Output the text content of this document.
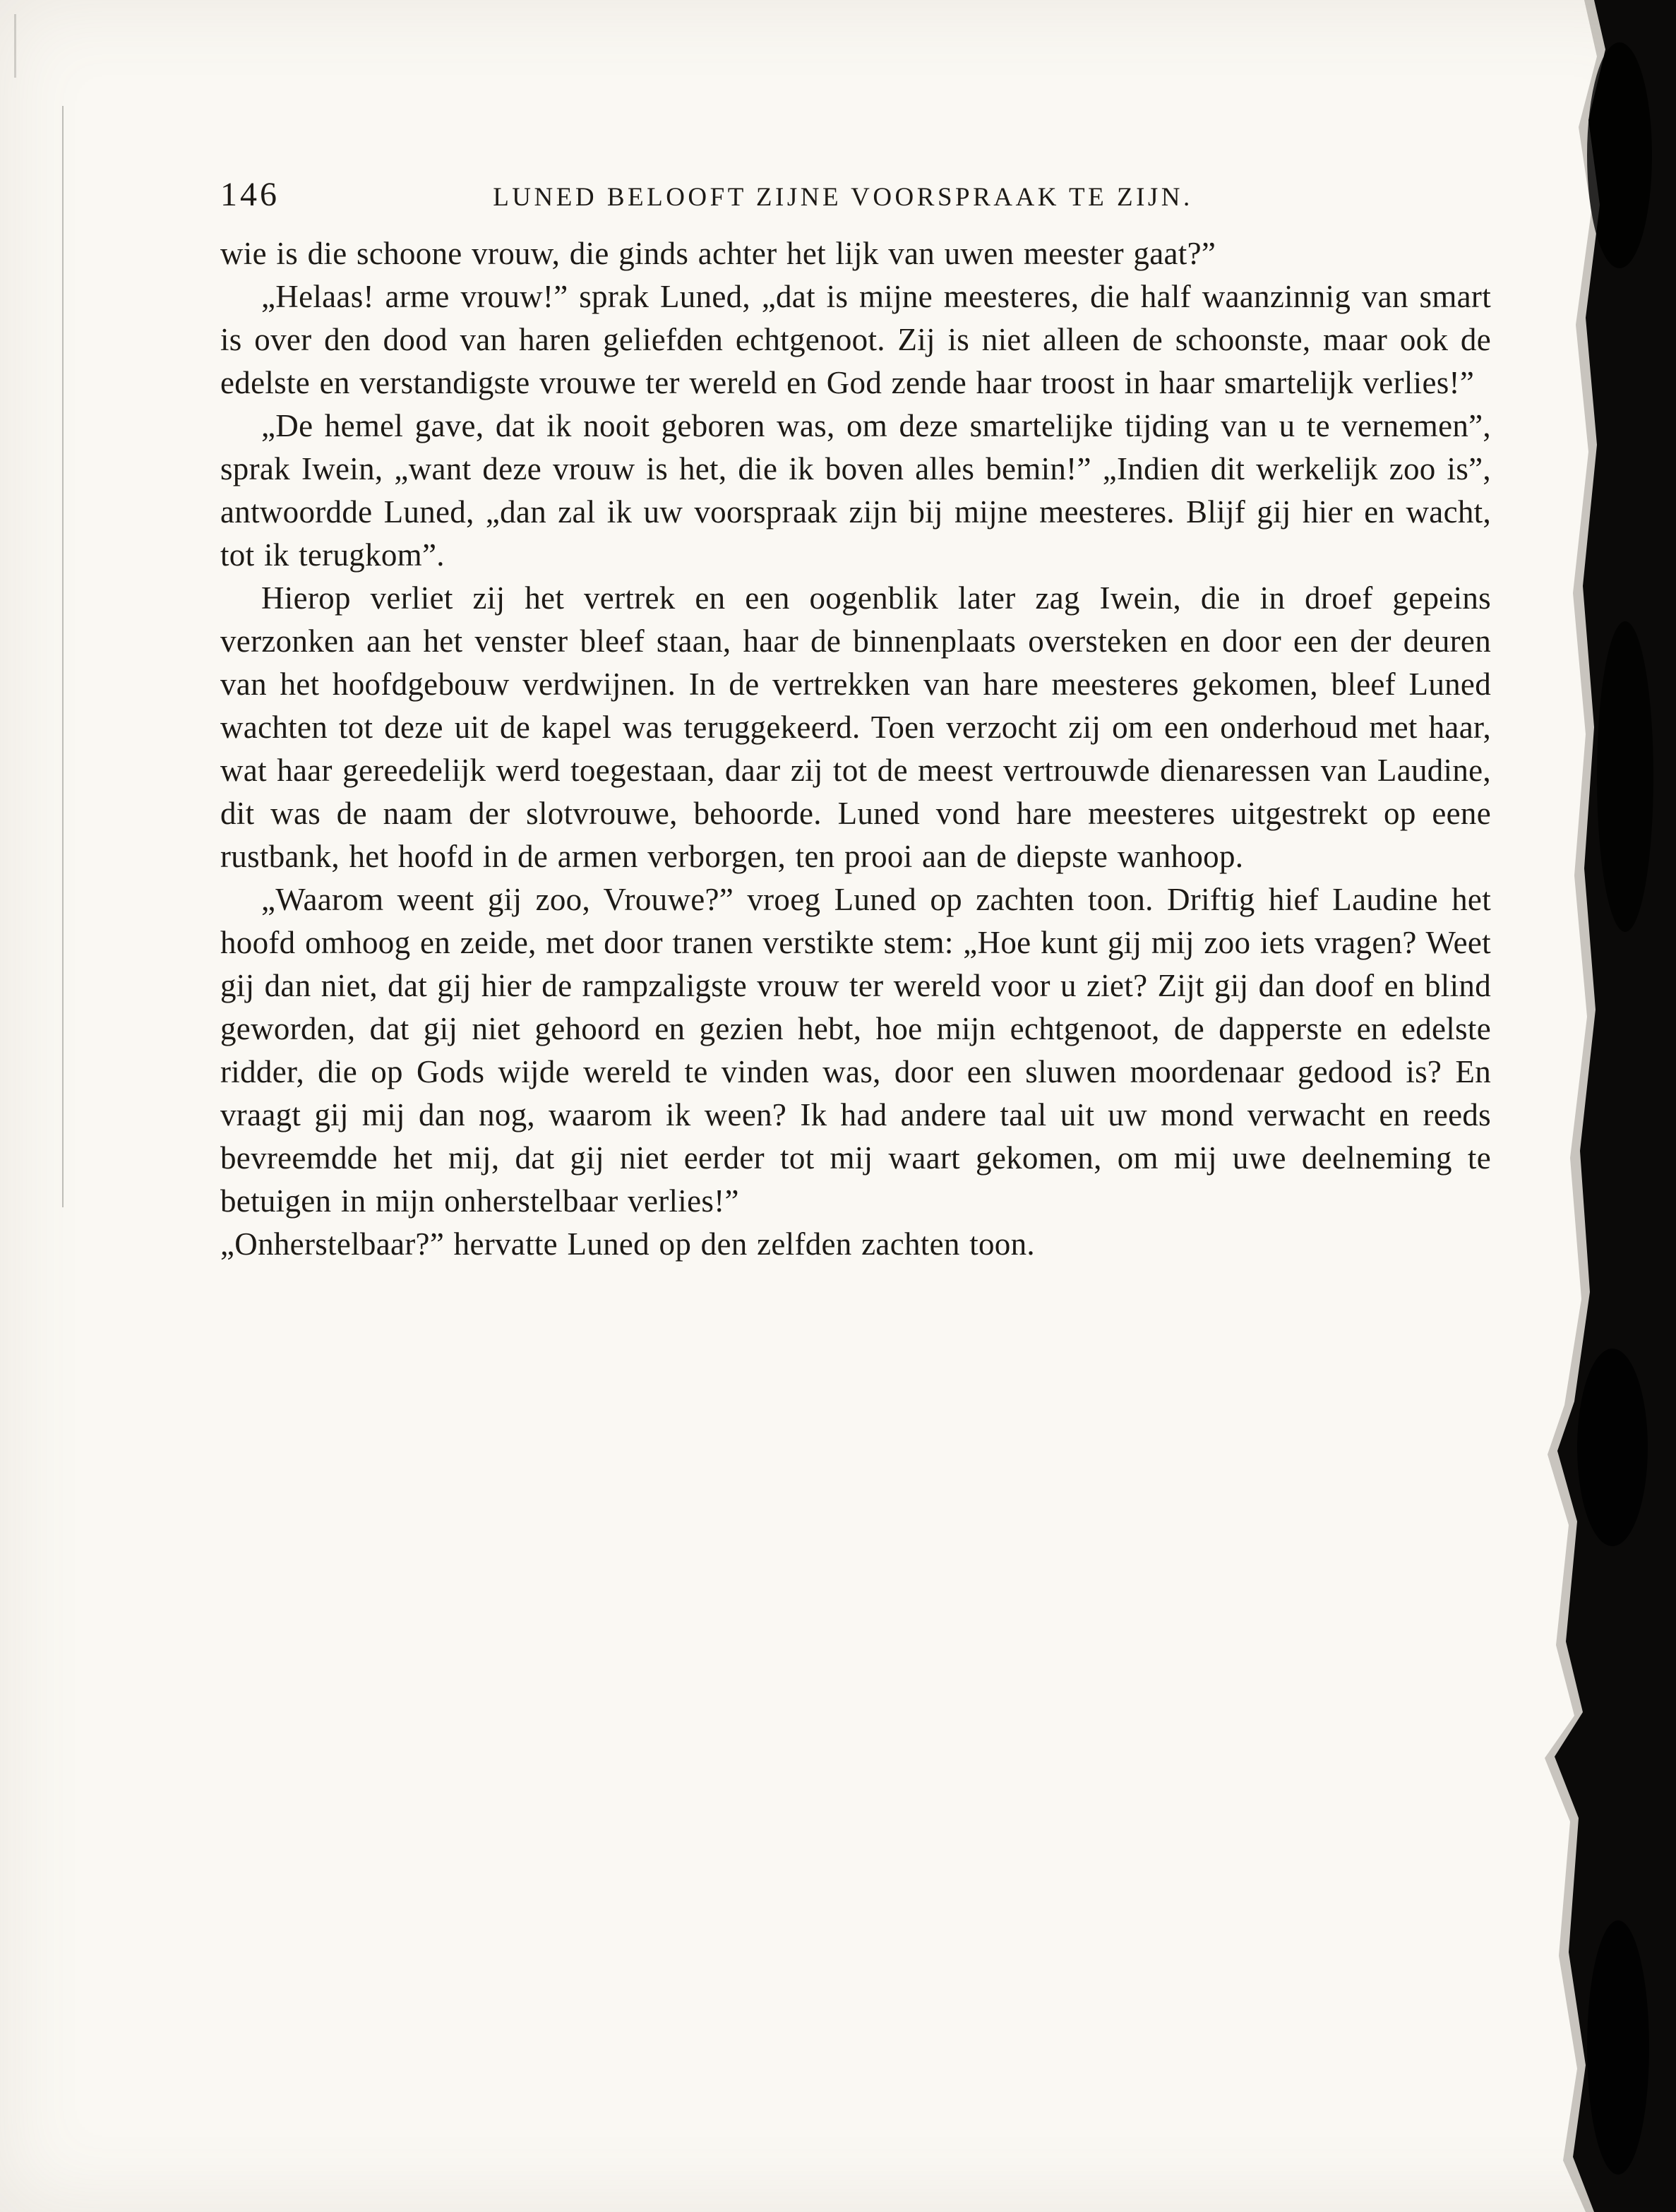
146	LUNED BELOOFT ZIJNE VOORSPRAAK TE ZIJN.

wie is die schoone vrouw, die ginds achter het lijk van uwen meester gaat?”

„Helaas! arme vrouw!” sprak Luned, „dat is mijne meesteres, die half waanzinnig van smart is over den dood van haren geliefden echtgenoot. Zij is niet alleen de schoonste, maar ook de edelste en verstandigste vrouwe ter wereld en God zende haar troost in haar smartelijk verlies!”

„De hemel gave, dat ik nooit geboren was, om deze smartelijke tijding van u te vernemen”, sprak Iwein, „want deze vrouw is het, die ik boven alles bemin!” „Indien dit werkelijk zoo is”, antwoordde Luned, „dan zal ik uw voorspraak zijn bij mijne meesteres. Blijf gij hier en wacht, tot ik terugkom”.

Hierop verliet zij het vertrek en een oogenblik later zag Iwein, die in droef gepeins verzonken aan het venster bleef staan, haar de binnenplaats oversteken en door een der deuren van het hoofdgebouw verdwijnen. In de vertrekken van hare meesteres gekomen, bleef Luned wachten tot deze uit de kapel was teruggekeerd. Toen verzocht zij om een onderhoud met haar, wat haar gereedelijk werd toegestaan, daar zij tot de meest vertrouwde dienaressen van Laudine, dit was de naam der slotvrouwe, behoorde. Luned vond hare meesteres uitgestrekt op eene rustbank, het hoofd in de armen verborgen, ten prooi aan de diepste wanhoop.

„Waarom weent gij zoo, Vrouwe?” vroeg Luned op zachten toon. Driftig hief Laudine het hoofd omhoog en zeide, met door tranen verstikte stem: „Hoe kunt gij mij zoo iets vragen? Weet gij dan niet, dat gij hier de rampzaligste vrouw ter wereld voor u ziet? Zijt gij dan doof en blind geworden, dat gij niet gehoord en gezien hebt, hoe mijn echtgenoot, de dapperste en edelste ridder, die op Gods wijde wereld te vinden was, door een sluwen moordenaar gedood is? En vraagt gij mij dan nog, waarom ik ween? Ik had andere taal uit uw mond verwacht en reeds bevreemdde het mij, dat gij niet eerder tot mij waart gekomen, om mij uwe deelneming te betuigen in mijn onherstelbaar verlies!”

„Onherstelbaar?” hervatte Luned op den zelfden zachten toon.
